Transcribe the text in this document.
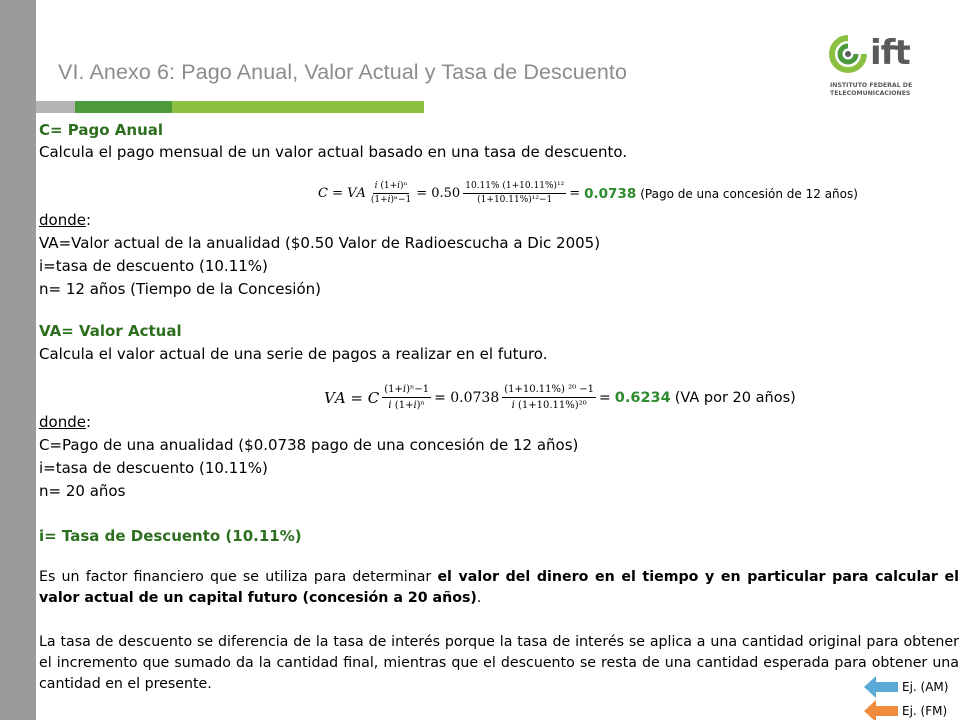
VI. Anexo 6: Pago Anual, Valor Actual y Tasa de Descuento	ift
INSTITUTO FEDERAL DE
TELECOMUNICACIONES
C= Pago Anual
Calcula el pago mensual de un valor actual basado en una tasa de descuento.
𝐶 = 𝑉𝐴 $\frac{\text{𝑖 (1+𝑖)ⁿ}}{\text{(1+𝑖)ⁿ−1}} = 0.50 \frac{\text{10.11\% (1+10.11\%)¹²}}{\text{(1+10.11\%)¹²−1}} = 0.0738$ (Pago de una concesión de 12 años)
donde:
VA=Valor actual de la anualidad ($0.50 Valor de Radioescucha a Dic 2005)
i=tasa de descuento (10.11%)
n= 12 años (Tiempo de la Concesión)
VA= Valor Actual
Calcula el valor actual de una serie de pagos a realizar en el futuro.
𝑉𝐴 = 𝐶 $\frac{\text{(1+𝑖)ⁿ−1}}{\text{𝑖 (1+𝑖)ⁿ}} = 0.0738 \frac{\text{(1+10.11\%) ²⁰ −1}}{\text{𝑖 (1+10.11\%)²⁰}} = 0.6234$ (VA por 20 años)
donde:
C=Pago de una anualidad ($0.0738 pago de una concesión de 12 años)
i=tasa de descuento (10.11%)
n= 20 años
i= Tasa de Descuento (10.11%)
Es un factor financiero que se utiliza para determinar el valor del dinero en el tiempo y en particular para calcular el valor actual de un capital futuro (concesión a 20 años).
La tasa de descuento se diferencia de la tasa de interés porque la tasa de interés se aplica a una cantidad original para obtener el incremento que sumado da la cantidad final, mientras que el descuento se resta de una cantidad esperada para obtener una cantidad en el presente.	Ej. (AM)
Ej. (FM)
